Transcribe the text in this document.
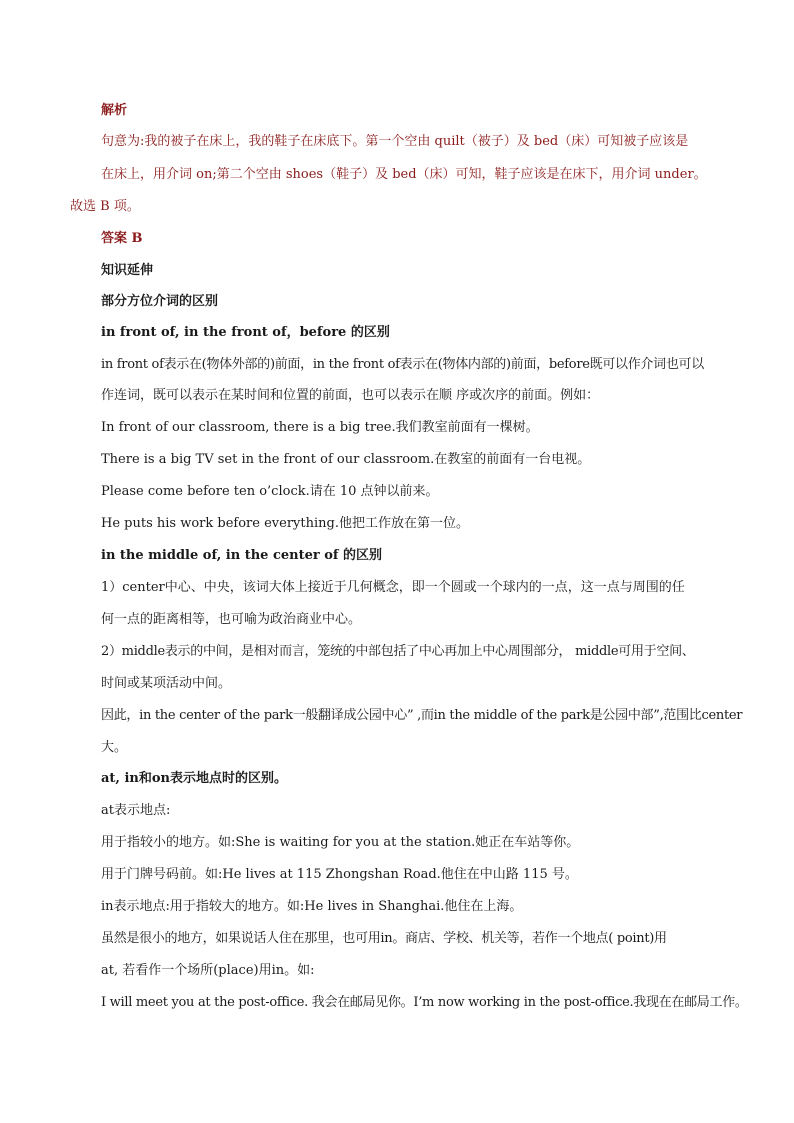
解析
句意为:我的被子在床上，我的鞋子在床底下。第一个空由 quilt（被子）及 bed（床）可知被子应该是
在床上，用介词 on;第二个空由 shoes（鞋子）及 bed（床）可知，鞋子应该是在床下，用介词 under。
故选 B 项。
答案 B
知识延伸
部分方位介词的区别
in front of, in the front of，before 的区别
in front of表示在(物体外部的)前面，in the front of表示在(物体内部的)前面，before既可以作介词也可以
作连词，既可以表示在某时间和位置的前面，也可以表示在顺 序或次序的前面。例如：
In front of our classroom, there is a big tree.我们教室前面有一棵树。
There is a big TV set in the front of our classroom.在教室的前面有一台电视。
Please come before ten o’clock.请在 10 点钟以前来。
He puts his work before everything.他把工作放在第一位。
in the middle of, in the center of 的区别
1）center中心、中央，该词大体上接近于几何概念，即一个圆或一个球内的一点，这一点与周围的任
何一点的距离相等，也可喻为政治商业中心。
2）middle表示的中间，是相对而言，笼统的中部包括了中心再加上中心周围部分， middle可用于空间、
时间或某项活动中间。
因此，in the center of the park一般翻译成公园中心” ,而in the middle of the park是公园中部”,范围比center
大。
at, in和on表示地点时的区别。
at表示地点:
用于指较小的地方。如:She is waiting for you at the station.她正在车站等你。
用于门牌号码前。如:He lives at 115 Zhongshan Road.他住在中山路 115 号。
in表示地点:用于指较大的地方。如:He lives in Shanghai.他住在上海。
虽然是很小的地方，如果说话人住在那里，也可用in。商店、学校、机关等，若作一个地点( point)用
at, 若看作一个场所(place)用in。如:
I will meet you at the post-office. 我会在邮局见你。I’m now working in the post-office.我现在在邮局工作。
